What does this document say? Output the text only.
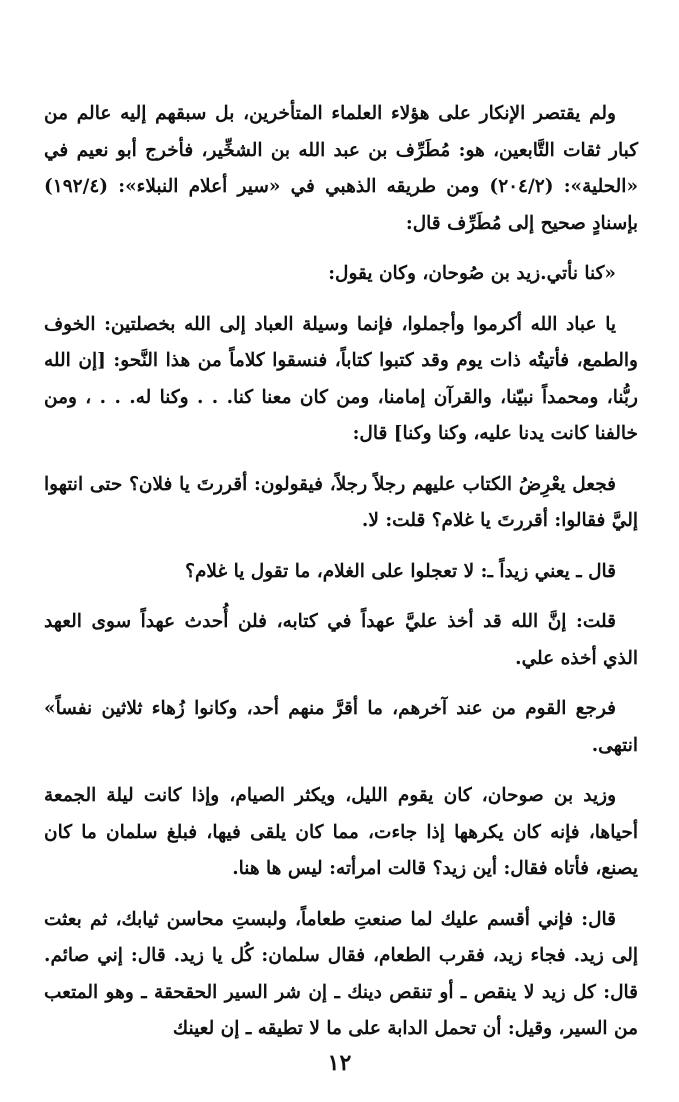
ولم يقتصر الإنكار على هؤلاء العلماء المتأخرين، بل سبقهم إليه عالم من كبار ثقات التَّابعين، هو: مُطَرِّف بن عبد الله بن الشخِّير، فأخرج أبو نعيم في «الحلية»: (٢٠٤/٢) ومن طريقه الذهبي في «سير أعلام النبلاء»: (١٩٢/٤) بإسنادٍ صحيح إلى مُطَرِّف قال:

«كنا نأتي.زيد بن صُوحان، وكان يقول:

يا عباد الله أكرموا وأجملوا، فإنما وسيلة العباد إلى الله بخصلتين: الخوف والطمع، فأتيتُه ذات يوم وقد كتبوا كتاباً، فنسقوا كلاماً من هذا النَّحو: [إن الله ربُّنا، ومحمداً نبيّنا، والقرآن إمامنا، ومن كان معنا كنا. . . وكنا له. . . ، ومن خالفنا كانت يدنا عليه، وكنا وكنا] قال:

فجعل يعْرِضُ الكتاب عليهم رجلاً رجلاً، فيقولون: أقررتَ يا فلان؟ حتى انتهوا إليَّ فقالوا: أقررتَ يا غلام؟ قلت: لا.

قال ـ يعني زيداً ـ: لا تعجلوا على الغلام، ما تقول يا غلام؟

قلت: إنَّ الله قد أخذ عليَّ عهداً في كتابه، فلن أُحدث عهداً سوى العهد الذي أخذه علي.

فرجع القوم من عند آخرهم، ما أقرَّ منهم أحد، وكانوا زُهاء ثلاثين نفساً» انتهى.

وزيد بن صوحان، كان يقوم الليل، ويكثر الصيام، وإذا كانت ليلة الجمعة أحياها، فإنه كان يكرهها إذا جاءت، مما كان يلقى فيها، فبلغ سلمان ما كان يصنع، فأتاه فقال: أين زيد؟ قالت امرأته: ليس ها هنا.

قال: فإني أقسم عليك لما صنعتِ طعاماً، ولبستِ محاسن ثيابك، ثم بعثت إلى زيد. فجاء زيد، فقرب الطعام، فقال سلمان: كُل يا زيد. قال: إني صائم. قال: كل زيد لا ينقص ـ أو تنقص دينك ـ إن شر السير الحقحقة ـ وهو المتعب من السير، وقيل: أن تحمل الدابة على ما لا تطيقه ـ إن لعينك

١٢
